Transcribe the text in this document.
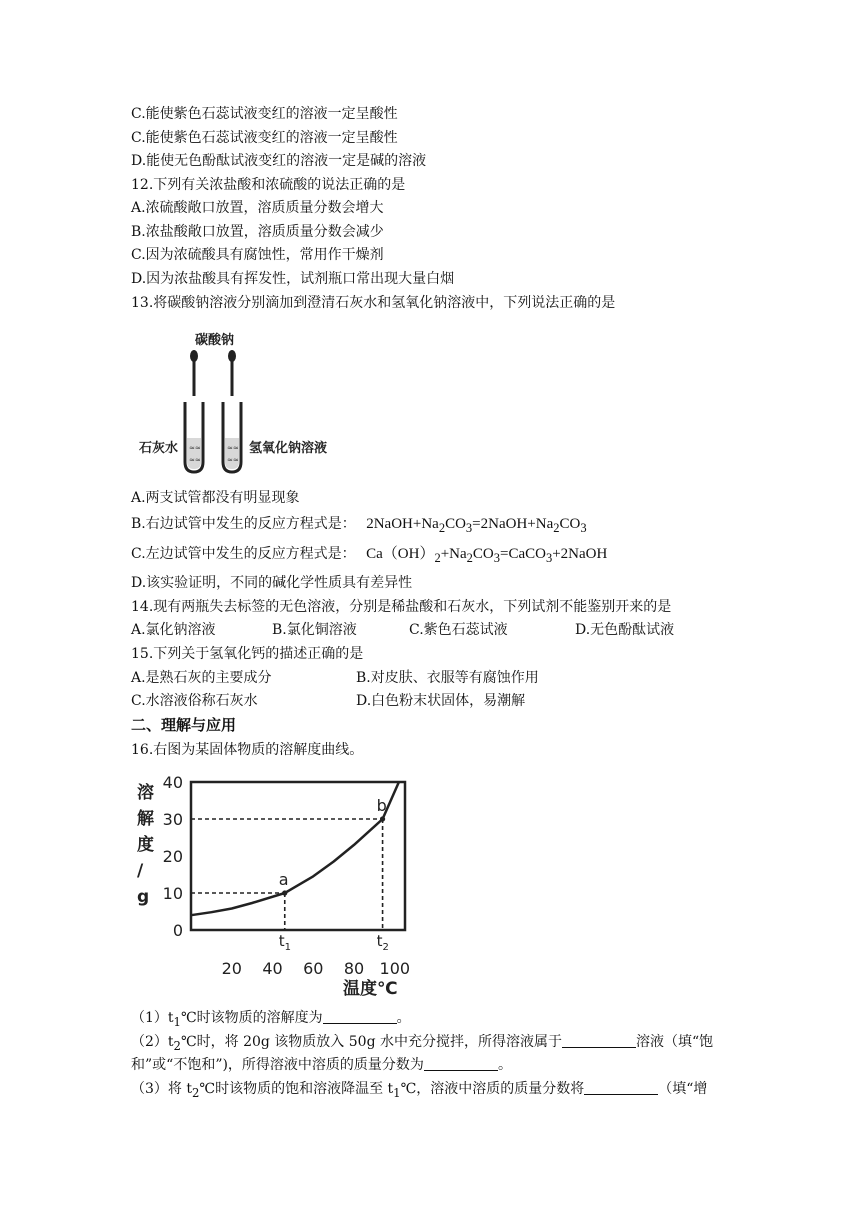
C.能使紫色石蕊试液变红的溶液一定呈酸性
C.能使紫色石蕊试液变红的溶液一定呈酸性
D.能使无色酚酞试液变红的溶液一定是碱的溶液
12.下列有关浓盐酸和浓硫酸的说法正确的是
A.浓硫酸敞口放置，溶质质量分数会增大
B.浓盐酸敞口放置，溶质质量分数会减少
C.因为浓硫酸具有腐蚀性，常用作干燥剂
D.因为浓盐酸具有挥发性，试剂瓶口常出现大量白烟
13.将碳酸钠溶液分别滴加到澄清石灰水和氢氧化钠溶液中，下列说法正确的是
碳酸钠
≈≈
≈≈
≈≈
≈≈
石灰水	氢氧化钠溶液
A.两支试管都没有明显现象
B.右边试管中发生的反应方程式是： $2NaOH+Na_2CO_3=2NaOH+Na_2CO_3$
C.左边试管中发生的反应方程式是： $Ca(OH)_2+Na_2CO_3=CaCO_3+2NaOH$
D.该实验证明，不同的碱化学性质具有差异性
14.现有两瓶失去标签的无色溶液，分别是稀盐酸和石灰水，下列试剂不能鉴别开来的是
A.氯化钠溶液	B.氯化铜溶液	C.紫色石蕊试液	D.无色酚酞试液
15.下列关于氢氧化钙的描述正确的是
A.是熟石灰的主要成分	B.对皮肤、衣服等有腐蚀作用
C.水溶液俗称石灰水	D.白色粉末状固体，易潮解
二、理解与应用
16.右图为某固体物质的溶解度曲线。
溶
解
度
/
g
a
b
0
10
20
30
40
20 40 60 80 100
$t_1$	$t_2$
温度℃
$(1)t_1℃$时该物质的溶解度为	。
$(2)t_2℃$时，将 20g 该物质放入 50g 水中充分搅拌，所得溶液属于	溶液（填“饱
和”或“不饱和”)，所得溶液中溶质的质量分数为	。
（3）将 $t_2℃$时该物质的饱和溶液降温至 $t_1℃$，溶液中溶质的质量分数将	（填“增
